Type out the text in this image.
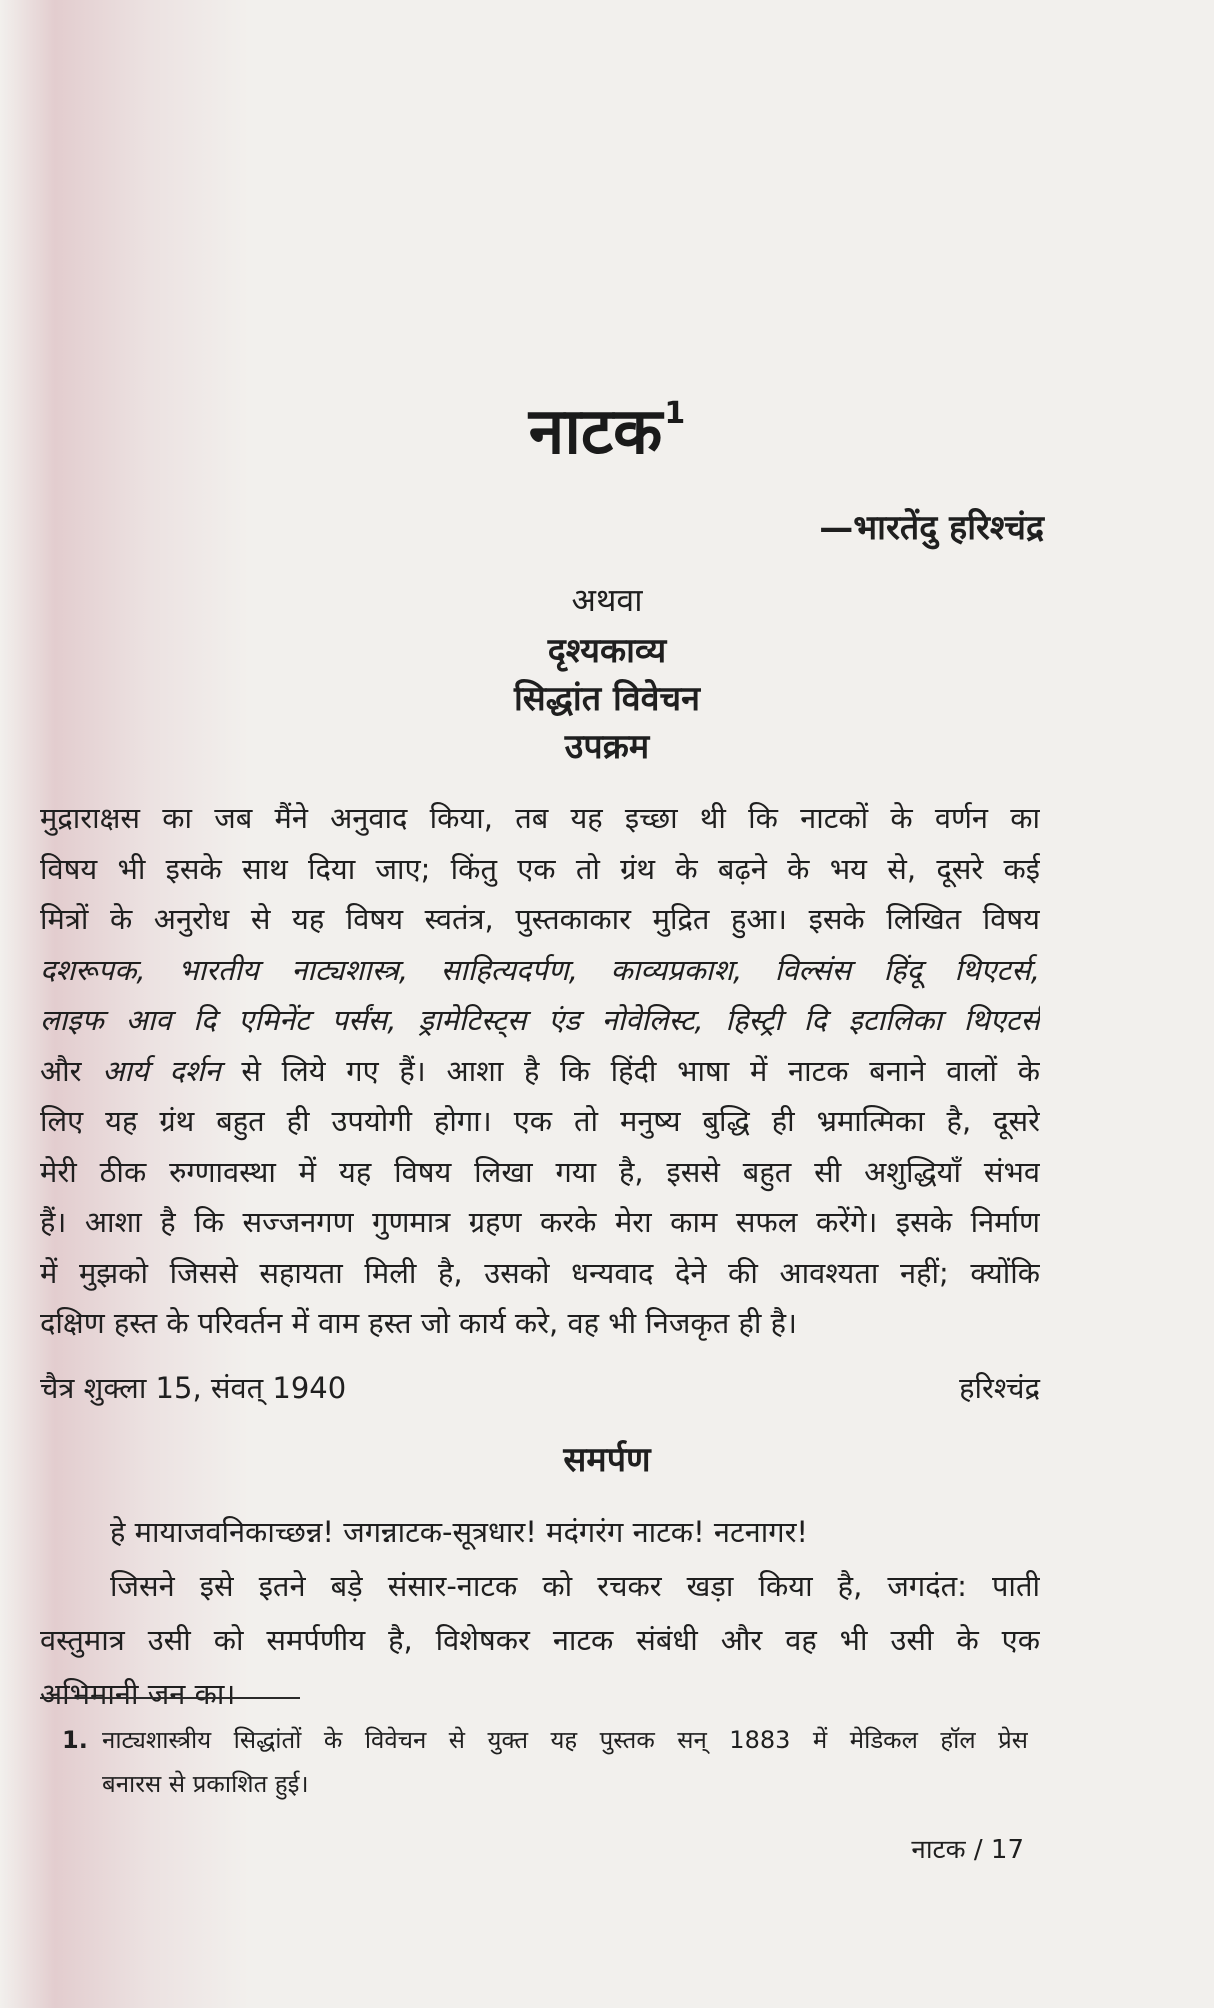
नाटक$^1$
—भारतेंदु हरिश्चंद्र
अथवा
दृश्यकाव्य
सिद्धांत विवेचन
उपक्रम
मुद्राराक्षस का जब मैंने अनुवाद किया, तब यह इच्छा थी कि नाटकों के वर्णन का
विषय भी इसके साथ दिया जाए; किंतु एक तो ग्रंथ के बढ़ने के भय से, दूसरे कई
मित्रों के अनुरोध से यह विषय स्वतंत्र, पुस्तकाकार मुद्रित हुआ। इसके लिखित विषय
दशरूपक, भारतीय नाट्यशास्त्र, साहित्यदर्पण, काव्यप्रकाश, विल्संस हिंदू थिएटर्स,
लाइफ आव दि एमिनेंट पर्संस, ड्रामेटिस्ट्स एंड नोवेलिस्ट, हिस्ट्री दि इटालिका थिएटर्स
और आर्य दर्शन से लिये गए हैं। आशा है कि हिंदी भाषा में नाटक बनाने वालों के
लिए यह ग्रंथ बहुत ही उपयोगी होगा। एक तो मनुष्य बुद्धि ही भ्रमात्मिका है, दूसरे
मेरी ठीक रुग्णावस्था में यह विषय लिखा गया है, इससे बहुत सी अशुद्धियाँ संभव
हैं। आशा है कि सज्जनगण गुणमात्र ग्रहण करके मेरा काम सफल करेंगे। इसके निर्माण
में मुझको जिससे सहायता मिली है, उसको धन्यवाद देने की आवश्यता नहीं; क्योंकि
दक्षिण हस्त के परिवर्तन में वाम हस्त जो कार्य करे, वह भी निजकृत ही है।
चैत्र शुक्ला 15, संवत् 1940	हरिश्चंद्र
समर्पण
हे मायाजवनिकाच्छन्न! जगन्नाटक-सूत्रधार! मदंगरंग नाटक! नटनागर!
जिसने इसे इतने बड़े संसार-नाटक को रचकर खड़ा किया है, जगदंत: पाती
वस्तुमात्र उसी को समर्पणीय है, विशेषकर नाटक संबंधी और वह भी उसी के एक
अभिमानी जन का।
1. नाट्यशास्त्रीय सिद्धांतों के विवेचन से युक्त यह पुस्तक सन् 1883 में मेडिकल हॉल प्रेस
बनारस से प्रकाशित हुई।
नाटक / 17
